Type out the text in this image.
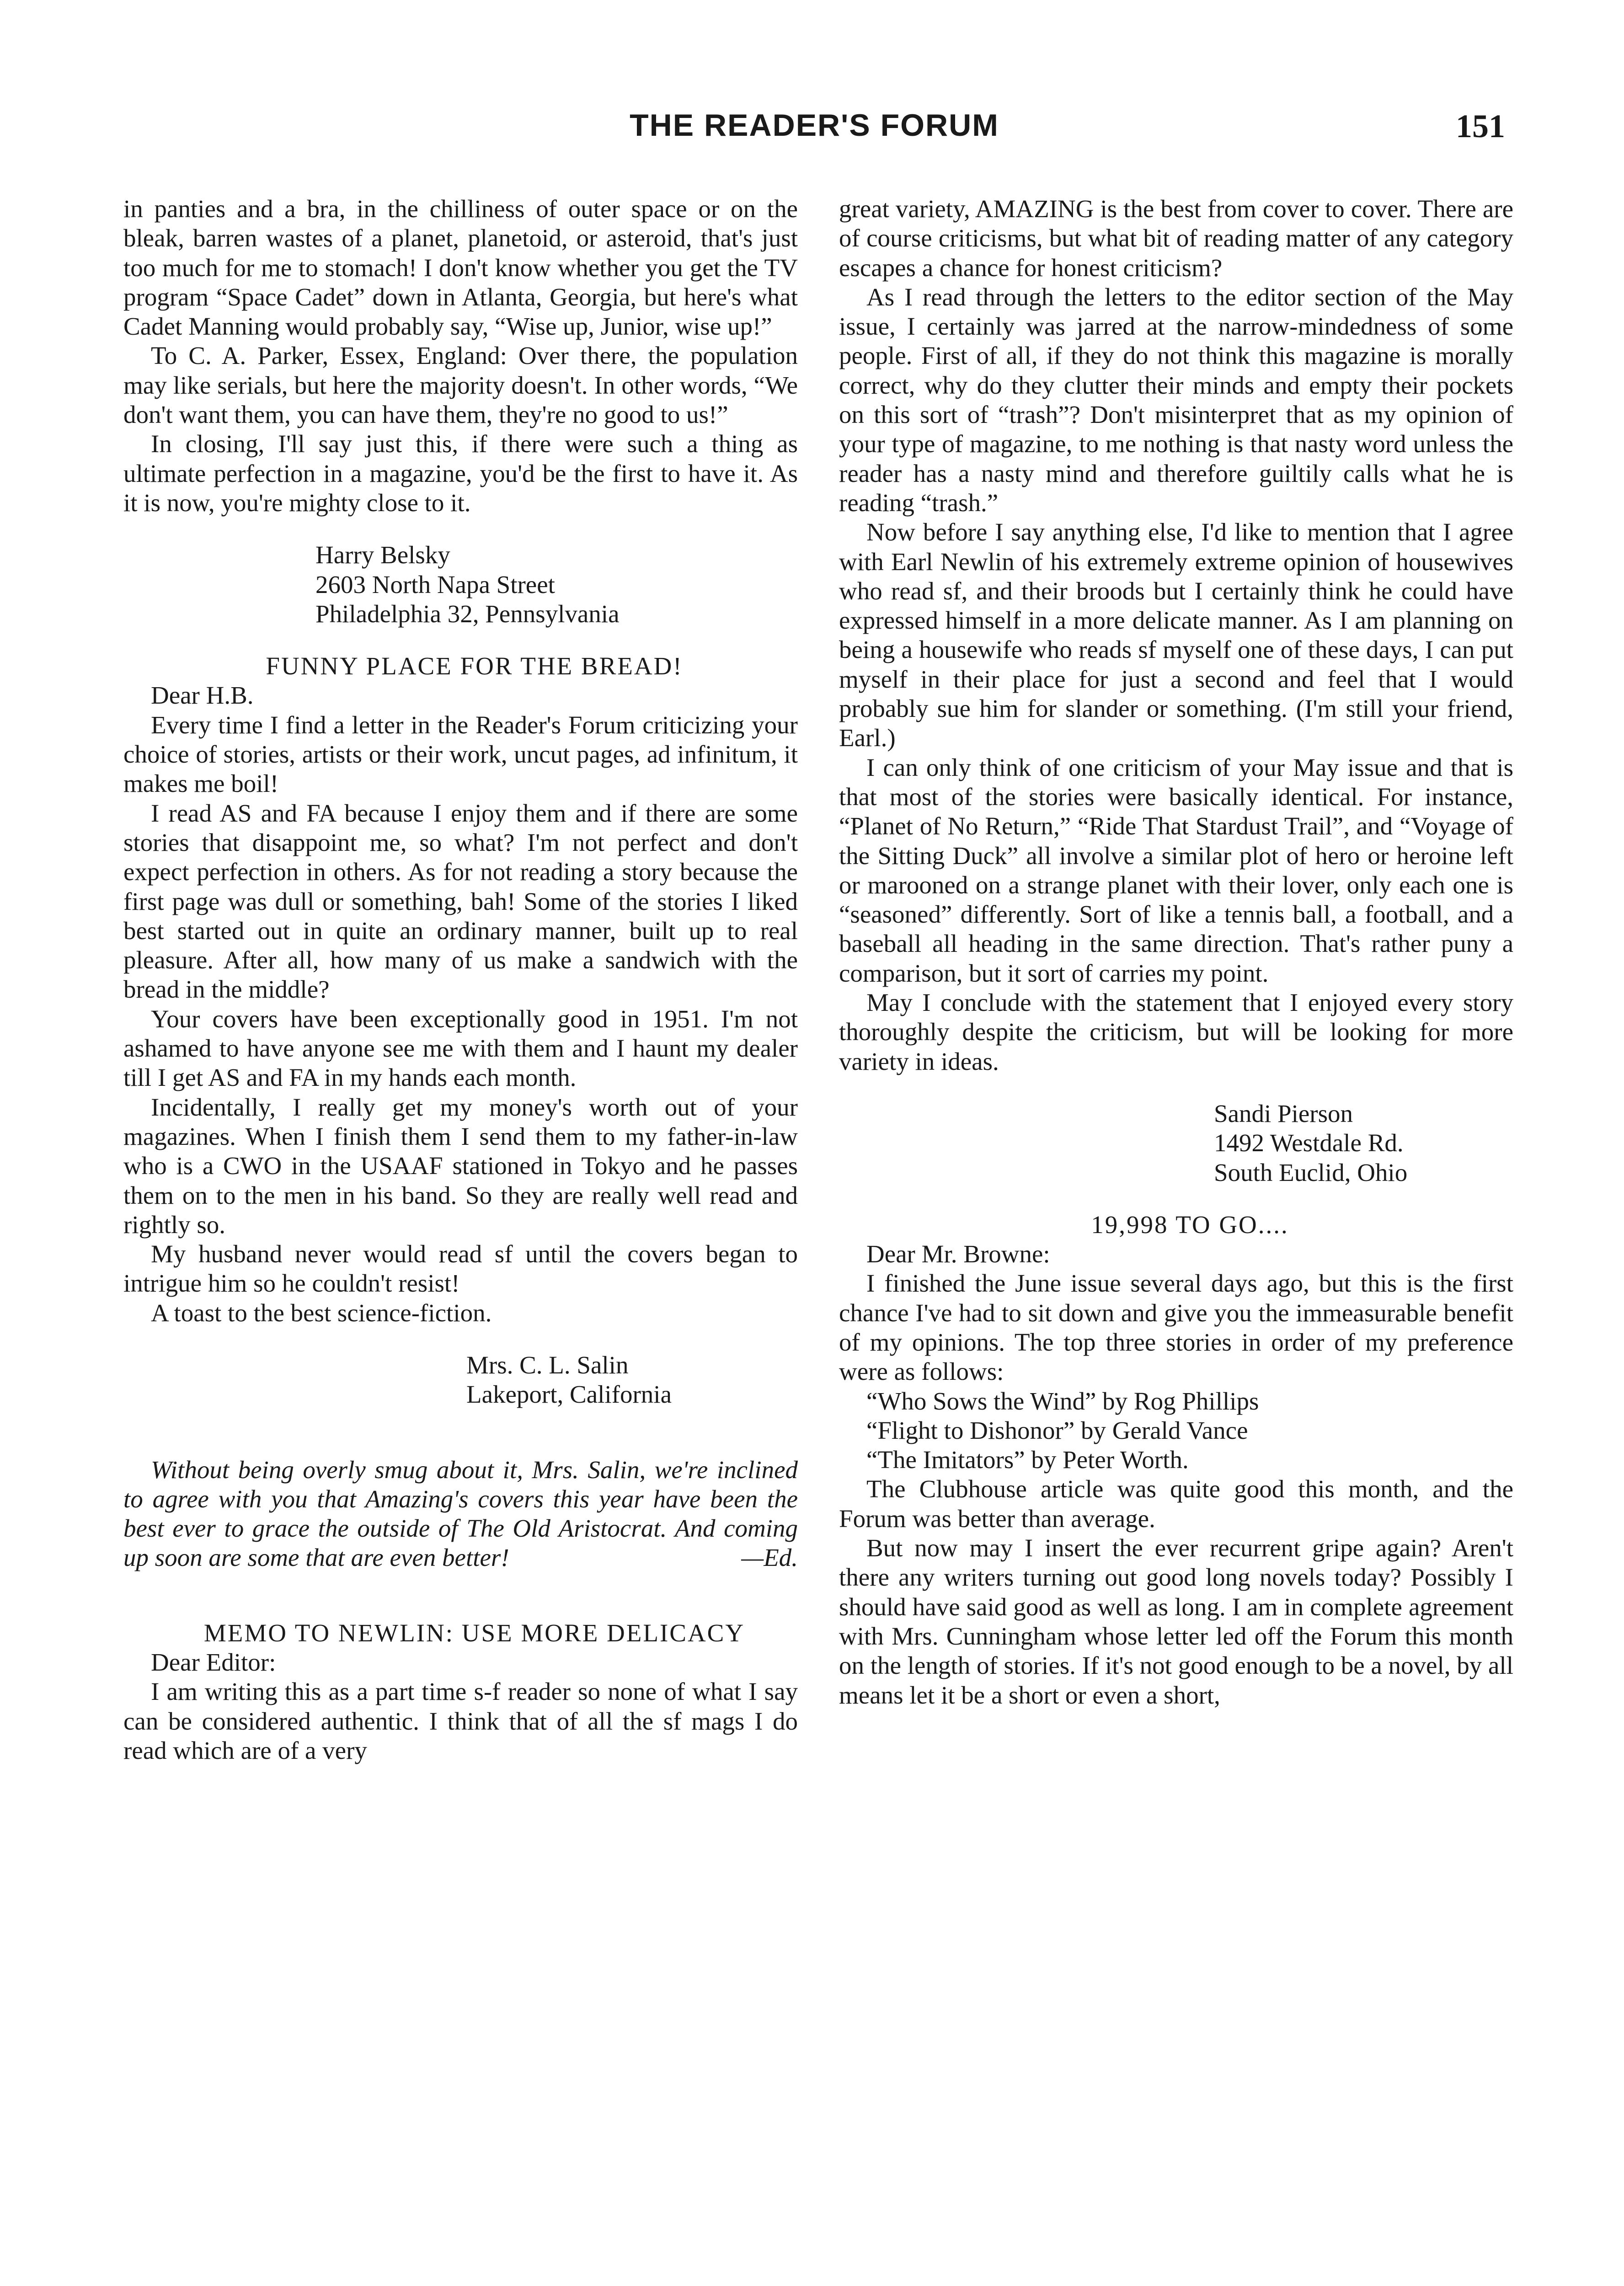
THE READER'S FORUM	151

in panties and a bra, in the chilliness of outer space or on the bleak, barren wastes of a planet, planetoid, or asteroid, that's just too much for me to stomach! I don't know whether you get the TV program “Space Cadet” down in Atlanta, Georgia, but here's what Cadet Manning would probably say, “Wise up, Junior, wise up!”

To C. A. Parker, Essex, England: Over there, the population may like serials, but here the majority doesn't. In other words, “We don't want them, you can have them, they're no good to us!”

In closing, I'll say just this, if there were such a thing as ultimate perfection in a magazine, you'd be the first to have it. As it is now, you're mighty close to it.

Harry Belsky
2603 North Napa Street
Philadelphia 32, Pennsylvania

FUNNY PLACE FOR THE BREAD!

Dear H.B.

Every time I find a letter in the Reader's Forum criticizing your choice of stories, artists or their work, uncut pages, ad infinitum, it makes me boil!

I read AS and FA because I enjoy them and if there are some stories that disappoint me, so what? I'm not perfect and don't expect perfection in others. As for not reading a story because the first page was dull or something, bah! Some of the stories I liked best started out in quite an ordinary manner, built up to real pleasure. After all, how many of us make a sandwich with the bread in the middle?

Your covers have been exceptionally good in 1951. I'm not ashamed to have anyone see me with them and I haunt my dealer till I get AS and FA in my hands each month.

Incidentally, I really get my money's worth out of your magazines. When I finish them I send them to my father-in-law who is a CWO in the USAAF stationed in Tokyo and he passes them on to the men in his band. So they are really well read and rightly so.

My husband never would read sf until the covers began to intrigue him so he couldn't resist!

A toast to the best science-fiction.

Mrs. C. L. Salin
Lakeport, California

Without being overly smug about it, Mrs. Salin, we're inclined to agree with you that Amazing's covers this year have been the best ever to grace the outside of The Old Aristocrat. And coming up soon are some that are even better!	—Ed.

MEMO TO NEWLIN: USE MORE DELICACY

Dear Editor:

I am writing this as a part time s-f reader so none of what I say can be considered authentic. I think that of all the sf mags I do read which are of a very

great variety, AMAZING is the best from cover to cover. There are of course criticisms, but what bit of reading matter of any category escapes a chance for honest criticism?

As I read through the letters to the editor section of the May issue, I certainly was jarred at the narrow-mindedness of some people. First of all, if they do not think this magazine is morally correct, why do they clutter their minds and empty their pockets on this sort of “trash”? Don't misinterpret that as my opinion of your type of magazine, to me nothing is that nasty word unless the reader has a nasty mind and therefore guiltily calls what he is reading “trash.”

Now before I say anything else, I'd like to mention that I agree with Earl Newlin of his extremely extreme opinion of housewives who read sf, and their broods but I certainly think he could have expressed himself in a more delicate manner. As I am planning on being a housewife who reads sf myself one of these days, I can put myself in their place for just a second and feel that I would probably sue him for slander or something. (I'm still your friend, Earl.)

I can only think of one criticism of your May issue and that is that most of the stories were basically identical. For instance, “Planet of No Return,” “Ride That Stardust Trail”, and “Voyage of the Sitting Duck” all involve a similar plot of hero or heroine left or marooned on a strange planet with their lover, only each one is “seasoned” differently. Sort of like a tennis ball, a football, and a baseball all heading in the same direction. That's rather puny a comparison, but it sort of carries my point.

May I conclude with the statement that I enjoyed every story thoroughly despite the criticism, but will be looking for more variety in ideas.

Sandi Pierson
1492 Westdale Rd.
South Euclid, Ohio

19,998 TO GO....

Dear Mr. Browne:

I finished the June issue several days ago, but this is the first chance I've had to sit down and give you the immeasurable benefit of my opinions. The top three stories in order of my preference were as follows:

“Who Sows the Wind” by Rog Phillips

“Flight to Dishonor” by Gerald Vance

“The Imitators” by Peter Worth.

The Clubhouse article was quite good this month, and the Forum was better than average.

But now may I insert the ever recurrent gripe again? Aren't there any writers turning out good long novels today? Possibly I should have said good as well as long. I am in complete agreement with Mrs. Cunningham whose letter led off the Forum this month on the length of stories. If it's not good enough to be a novel, by all means let it be a short or even a short,
